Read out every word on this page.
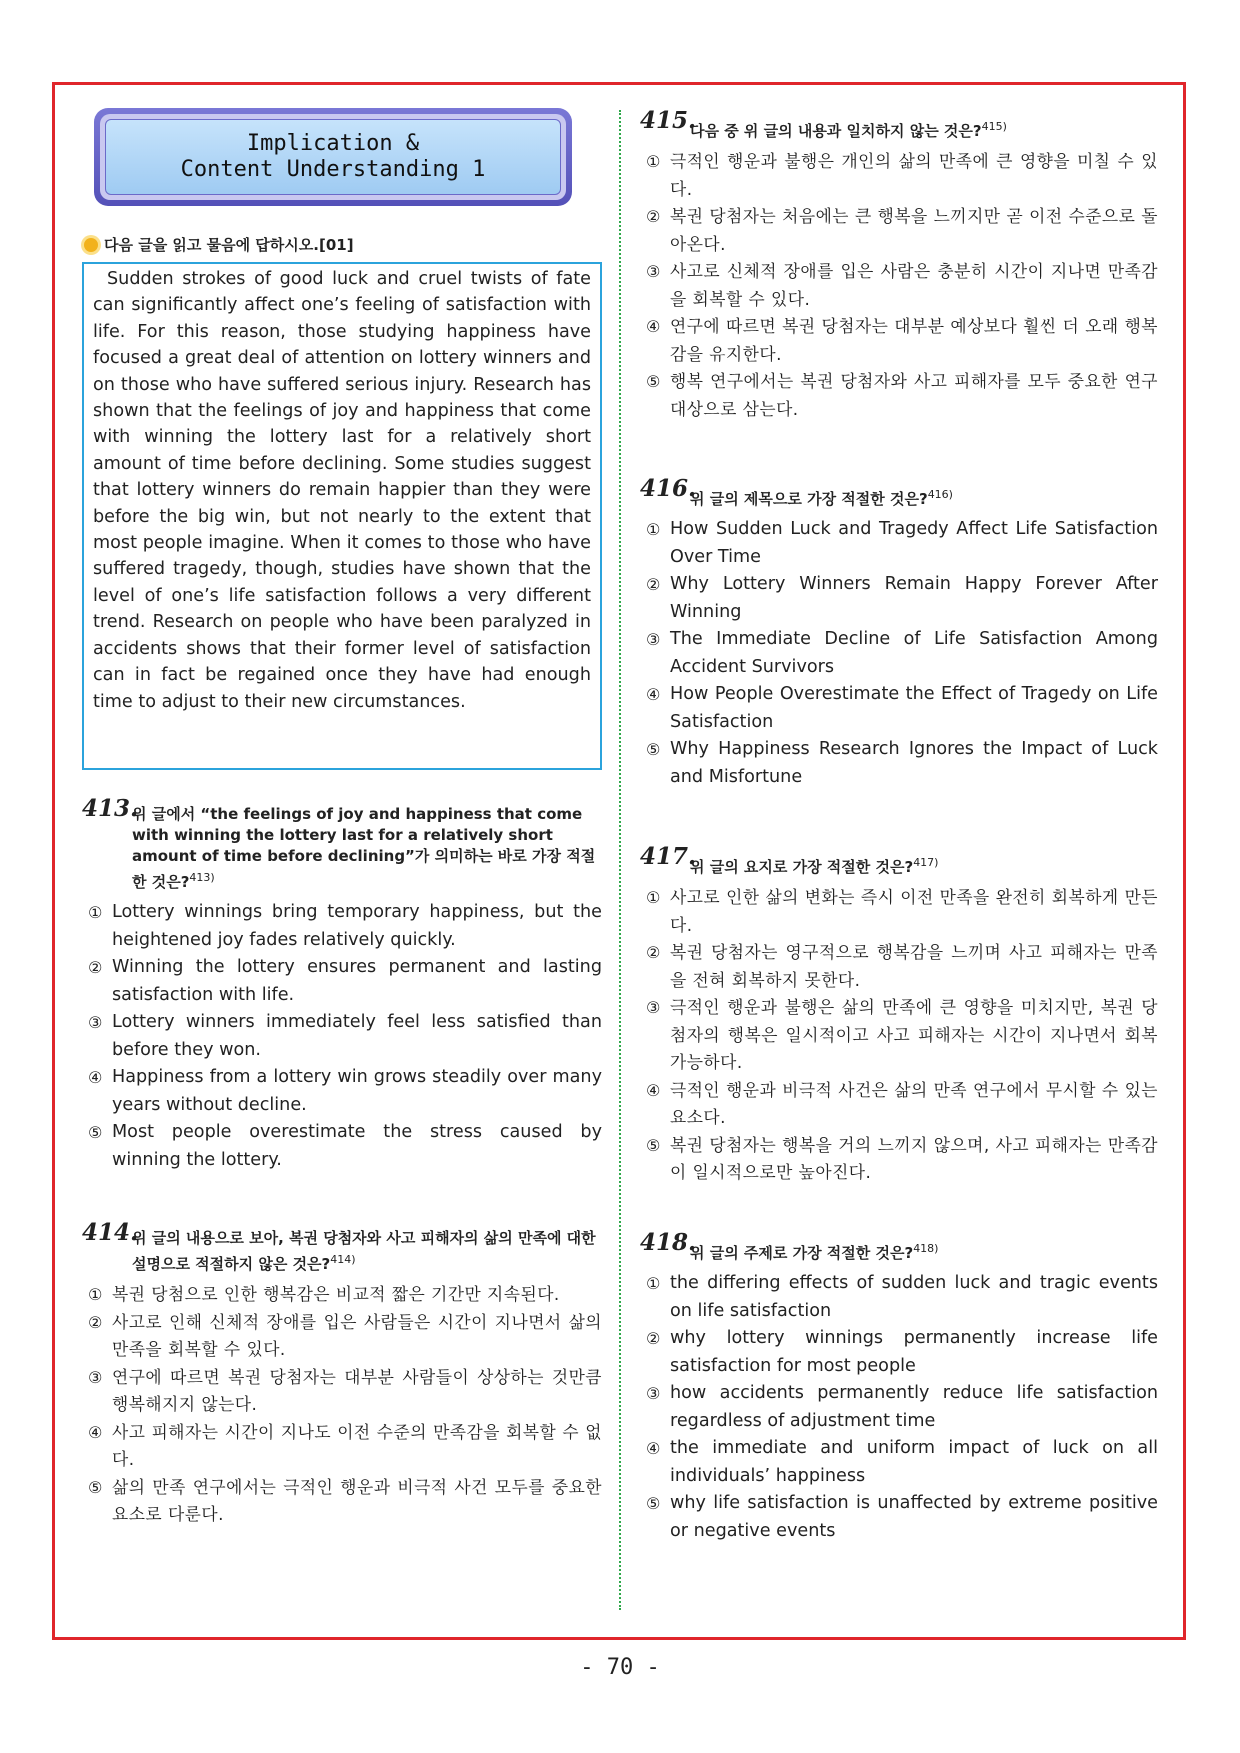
Implication &
Content Understanding 1
다음 글을 읽고 물음에 답하시오.[01]
Sudden strokes of good luck and cruel twists of fate can significantly affect one’s feeling of satisfaction with life. For this reason, those studying happiness have focused a great deal of attention on lottery winners and on those who have suffered serious injury. Research has shown that the feelings of joy and happiness that come with winning the lottery last for a relatively short amount of time before declining. Some studies suggest that lottery winners do remain happier than they were before the big win, but not nearly to the extent that most people imagine. When it comes to those who have suffered tragedy, though, studies have shown that the level of one’s life satisfaction follows a very different trend. Research on people who have been paralyzed in accidents shows that their former level of satisfaction can in fact be regained once they have had enough time to adjust to their new circumstances.
413.
위 글에서 “the feelings of joy and happiness that come with winning the lottery last for a relatively short amount of time before declining”가 의미하는 바로 가장 적절한 것은?$^{413)}$
① Lottery winnings bring temporary happiness, but the heightened joy fades relatively quickly.
② Winning the lottery ensures permanent and lasting satisfaction with life.
③ Lottery winners immediately feel less satisfied than before they won.
④ Happiness from a lottery win grows steadily over many years without decline.
⑤ Most people overestimate the stress caused by winning the lottery.
414.
위 글의 내용으로 보아, 복권 당첨자와 사고 피해자의 삶의 만족에 대한 설명으로 적절하지 않은 것은?$^{414)}$
① 복권 당첨으로 인한 행복감은 비교적 짧은 기간만 지속된다.
② 사고로 인해 신체적 장애를 입은 사람들은 시간이 지나면서 삶의 만족을 회복할 수 있다.
③ 연구에 따르면 복권 당첨자는 대부분 사람들이 상상하는 것만큼 행복해지지 않는다.
④ 사고 피해자는 시간이 지나도 이전 수준의 만족감을 회복할 수 없다.
⑤ 삶의 만족 연구에서는 극적인 행운과 비극적 사건 모두를 중요한 요소로 다룬다.
415.
다음 중 위 글의 내용과 일치하지 않는 것은?$^{415)}$
① 극적인 행운과 불행은 개인의 삶의 만족에 큰 영향을 미칠 수 있다.
② 복권 당첨자는 처음에는 큰 행복을 느끼지만 곧 이전 수준으로 돌아온다.
③ 사고로 신체적 장애를 입은 사람은 충분히 시간이 지나면 만족감을 회복할 수 있다.
④ 연구에 따르면 복권 당첨자는 대부분 예상보다 훨씬 더 오래 행복감을 유지한다.
⑤ 행복 연구에서는 복권 당첨자와 사고 피해자를 모두 중요한 연구 대상으로 삼는다.
416.
위 글의 제목으로 가장 적절한 것은?$^{416)}$
① How Sudden Luck and Tragedy Affect Life Satisfaction Over Time
② Why Lottery Winners Remain Happy Forever After Winning
③ The Immediate Decline of Life Satisfaction Among Accident Survivors
④ How People Overestimate the Effect of Tragedy on Life Satisfaction
⑤ Why Happiness Research Ignores the Impact of Luck and Misfortune
417.
위 글의 요지로 가장 적절한 것은?$^{417)}$
① 사고로 인한 삶의 변화는 즉시 이전 만족을 완전히 회복하게 만든다.
② 복권 당첨자는 영구적으로 행복감을 느끼며 사고 피해자는 만족을 전혀 회복하지 못한다.
③ 극적인 행운과 불행은 삶의 만족에 큰 영향을 미치지만, 복권 당첨자의 행복은 일시적이고 사고 피해자는 시간이 지나면서 회복 가능하다.
④ 극적인 행운과 비극적 사건은 삶의 만족 연구에서 무시할 수 있는 요소다.
⑤ 복권 당첨자는 행복을 거의 느끼지 않으며, 사고 피해자는 만족감이 일시적으로만 높아진다.
418.
위 글의 주제로 가장 적절한 것은?$^{418)}$
① the differing effects of sudden luck and tragic events on life satisfaction
② why lottery winnings permanently increase life satisfaction for most people
③ how accidents permanently reduce life satisfaction regardless of adjustment time
④ the immediate and uniform impact of luck on all individuals’ happiness
⑤ why life satisfaction is unaffected by extreme positive or negative events
- 70 -
